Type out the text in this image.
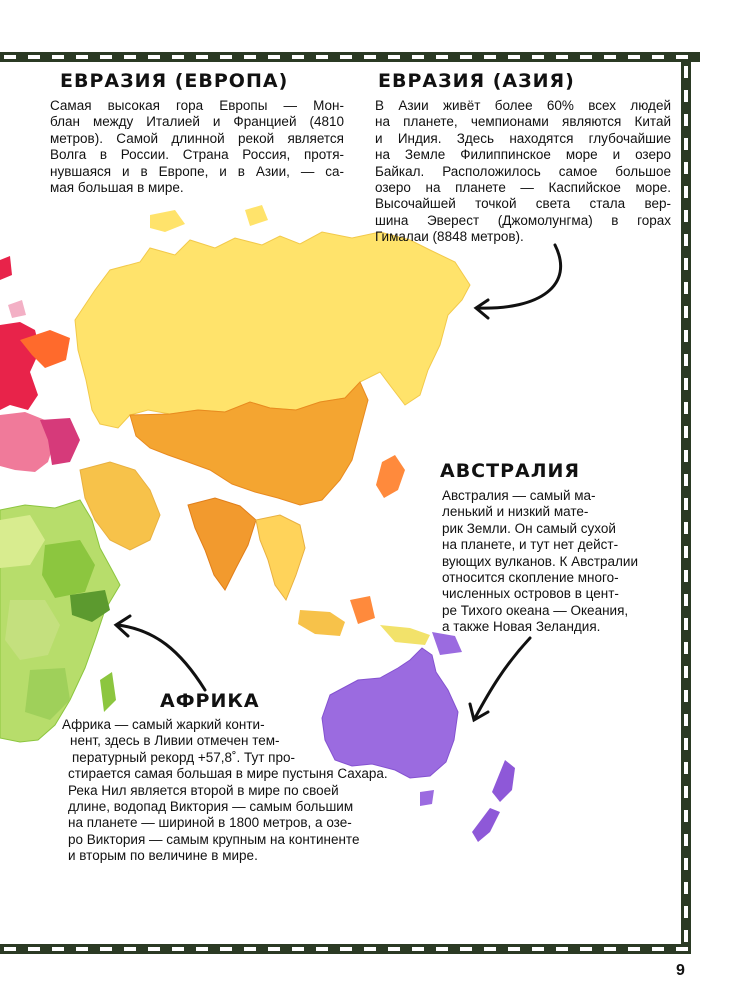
ЕВРАЗИЯ (ЕВРОПА)
Самая высокая гора Европы — Мон-
блан между Италией и Францией (4810
метров). Самой длинной рекой является
Волга в России. Страна Россия, протя-
нувшаяся и в Европе, и в Азии, — са-
мая большая в мире.
ЕВРАЗИЯ (АЗИЯ)
В Азии живёт более 60% всех людей
на планете, чемпионами являются Китай
и Индия. Здесь находятся глубочайшие
на Земле Филиппинское море и озеро
Байкал. Расположилось самое большое
озеро на планете — Каспийское море.
Высочайшей точкой света стала вер-
шина Эверест (Джомолунгма) в горах
Гималаи (8848 метров).
АВСТРАЛИЯ
Австралия — самый ма-
ленький и низкий мате-
рик Земли. Он самый сухой
на планете, и тут нет дейст-
вующих вулканов. К Австралии
относится скопление много-
численных островов в цент-
ре Тихого океана — Океания,
а также Новая Зеландия.
АФРИКА
Африка — самый жаркий конти-
нент, здесь в Ливии отмечен тем-
пературный рекорд +57,8˚. Тут про-
стирается самая большая в мире пустыня Сахара.
Река Нил является второй в мире по своей
длине, водопад Виктория — самым большим
на планете — шириной в 1800 метров, а озе-
ро Виктория — самым крупным на континенте
и вторым по величине в мире.
9
